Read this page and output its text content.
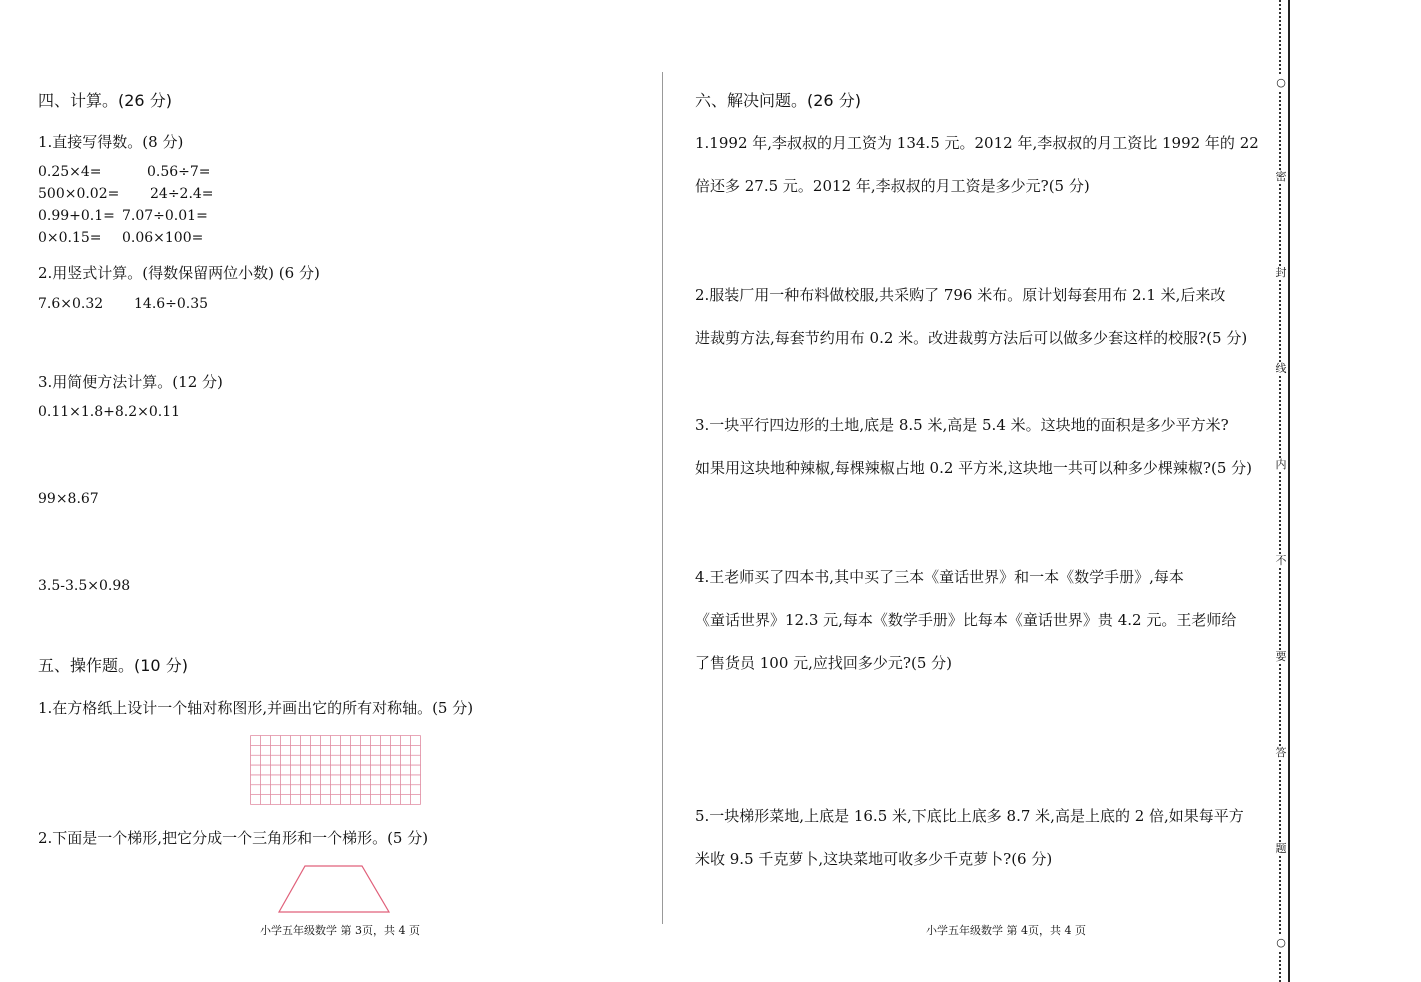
四、计算。(26 分)
1.直接写得数。(8 分)
0.25×4=	0.56÷7=
500×0.02= 24÷2.4=
0.99+0.1= 7.07÷0.01=
0×0.15= 0.06×100=
2.用竖式计算。(得数保留两位小数) (6 分)
7.6×0.32 14.6÷0.35
3.用简便方法计算。(12 分)
0.11×1.8+8.2×0.11
99×8.67
3.5-3.5×0.98
五、操作题。(10 分)
1.在方格纸上设计一个轴对称图形,并画出它的所有对称轴。(5 分)
2.下面是一个梯形,把它分成一个三角形和一个梯形。(5 分)
小学五年级数学 第 3页，共 4 页
六、解决问题。(26 分)
1.1992 年,李叔叔的月工资为 134.5 元。2012 年,李叔叔的月工资比 1992 年的 22
倍还多 27.5 元。2012 年,李叔叔的月工资是多少元?(5 分)
2.服装厂用一种布料做校服,共采购了 796 米布。原计划每套用布 2.1 米,后来改
进裁剪方法,每套节约用布 0.2 米。改进裁剪方法后可以做多少套这样的校服?(5 分)
3.一块平行四边形的土地,底是 8.5 米,高是 5.4 米。这块地的面积是多少平方米?
如果用这块地种辣椒,每棵辣椒占地 0.2 平方米,这块地一共可以种多少棵辣椒?(5 分)
4.王老师买了四本书,其中买了三本《童话世界》和一本《数学手册》,每本
《童话世界》12.3 元,每本《数学手册》比每本《童话世界》贵 4.2 元。王老师给
了售货员 100 元,应找回多少元?(5 分)
5.一块梯形菜地,上底是 16.5 米,下底比上底多 8.7 米,高是上底的 2 倍,如果每平方
米收 9.5 千克萝卜,这块菜地可收多少千克萝卜?(6 分)
小学五年级数学 第 4页，共 4 页
○
密
封
线
内
不
要
答
题
○
